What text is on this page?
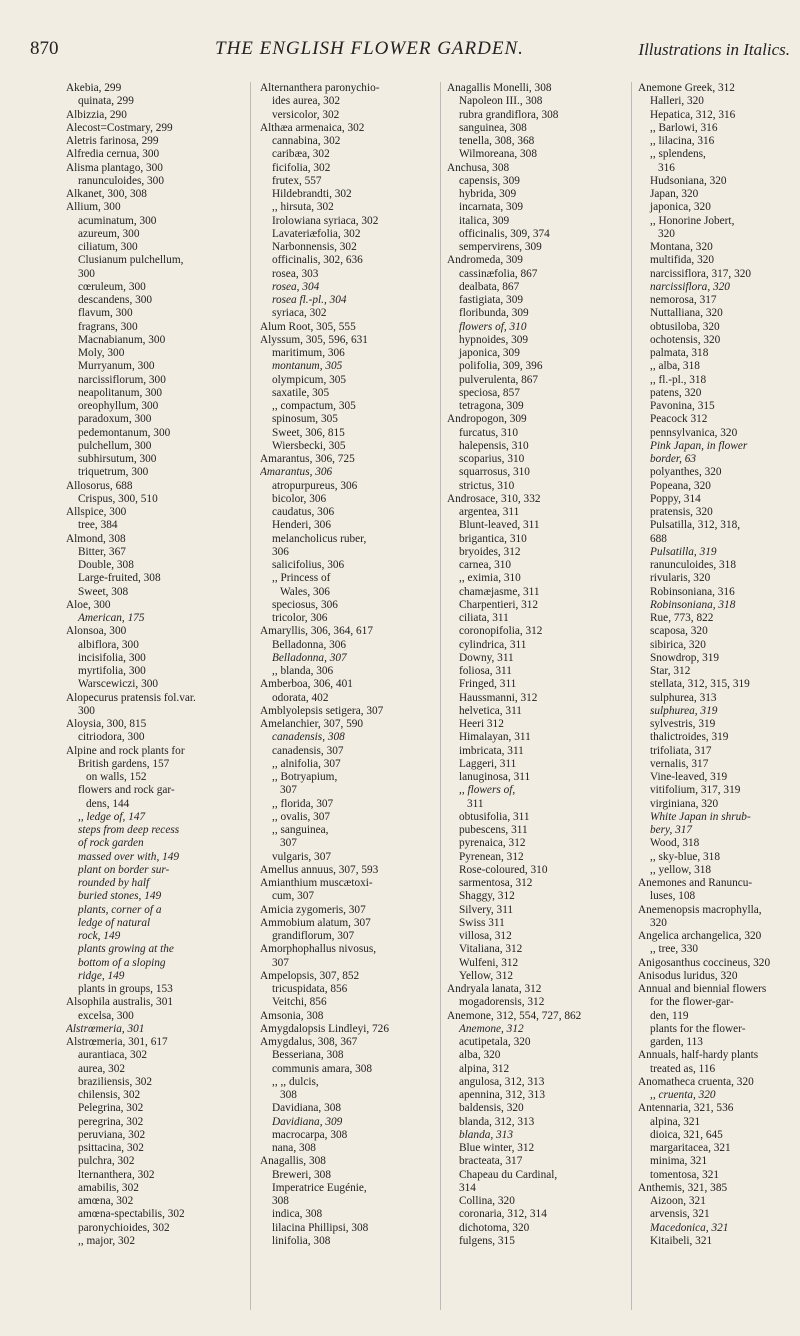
870	THE ENGLISH FLOWER GARDEN.	Illustrations in Italics.
Akebia, 299
quinata, 299
Albizzia, 290
Alecost=Costmary, 299
Aletris farinosa, 299
Alfredia cernua, 300
Alisma plantago, 300
ranunculoides, 300
Alkanet, 300, 308
Allium, 300
acuminatum, 300
azureum, 300
ciliatum, 300
Clusianum pulchellum,
300
cœruleum, 300
descandens, 300
flavum, 300
fragrans, 300
Macnabianum, 300
Moly, 300
Murryanum, 300
narcissiflorum, 300
neapolitanum, 300
oreophyllum, 300
paradoxum, 300
pedemontanum, 300
pulchellum, 300
subhirsutum, 300
triquetrum, 300
Allosorus, 688
Crispus, 300, 510
Allspice, 300
tree, 384
Almond, 308
Bitter, 367
Double, 308
Large-fruited, 308
Sweet, 308
Aloe, 300
American, 175
Alonsoa, 300
albiflora, 300
incisifolia, 300
myrtifolia, 300
Warscewiczi, 300
Alopecurus pratensis fol.var.
300
Aloysia, 300, 815
citriodora, 300
Alpine and rock plants for
British gardens, 157
on walls, 152
flowers and rock gar-
dens, 144
,, ledge of, 147
steps from deep recess
of rock garden
massed over with, 149
plant on border sur-
rounded by half
buried stones, 149
plants, corner of a
ledge of natural
rock, 149
plants growing at the
bottom of a sloping
ridge, 149
plants in groups, 153
Alsophila australis, 301
excelsa, 300
Alstrœmeria, 301
Alstrœmeria, 301, 617
aurantiaca, 302
aurea, 302
braziliensis, 302
chilensis, 302
Pelegrina, 302
peregrina, 302
peruviana, 302
psittacina, 302
pulchra, 302
lternanthera, 302
amabilis, 302
amœna, 302
amœna-spectabilis, 302
paronychioides, 302
,, major, 302
Alternanthera paronychio-
ides aurea, 302
versicolor, 302
Althæa armenaica, 302
cannabina, 302
caribæa, 302
ficifolia, 302
frutex, 557
Hildebrandti, 302
,, hirsuta, 302
Irolowiana syriaca, 302
Lavateriæfolia, 302
Narbonnensis, 302
officinalis, 302, 636
rosea, 303
rosea, 304
rosea fl.-pl., 304
syriaca, 302
Alum Root, 305, 555
Alyssum, 305, 596, 631
maritimum, 306
montanum, 305
olympicum, 305
saxatile, 305
,, compactum, 305
spinosum, 305
Sweet, 306, 815
Wiersbecki, 305
Amarantus, 306, 725
Amarantus, 306
atropurpureus, 306
bicolor, 306
caudatus, 306
Henderi, 306
melancholicus ruber,
306
salicifolius, 306
,, Princess of
Wales, 306
speciosus, 306
tricolor, 306
Amaryllis, 306, 364, 617
Belladonna, 306
Belladonna, 307
,, blanda, 306
Amberboa, 306, 401
odorata, 402
Amblyolepsis setigera, 307
Amelanchier, 307, 590
canadensis, 308
canadensis, 307
,, alnifolia, 307
,, Botryapium,
307
,, florida, 307
,, ovalis, 307
,, sanguinea,
307
vulgaris, 307
Amellus annuus, 307, 593
Amianthium muscætoxi-
cum, 307
Amicia zygomeris, 307
Ammobium alatum, 307
grandiflorum, 307
Amorphophallus nivosus,
307
Ampelopsis, 307, 852
tricuspidata, 856
Veitchi, 856
Amsonia, 308
Amygdalopsis Lindleyi, 726
Amygdalus, 308, 367
Besseriana, 308
communis amara, 308
,, ,, dulcis,
308
Davidiana, 308
Davidiana, 309
macrocarpa, 308
nana, 308
Anagallis, 308
Breweri, 308
Imperatrice Eugénie,
308
indica, 308
lilacina Phillipsi, 308
linifolia, 308
Anagallis Monelli, 308
Napoleon III., 308
rubra grandiflora, 308
sanguinea, 308
tenella, 308, 368
Wilmoreana, 308
Anchusa, 308
capensis, 309
hybrida, 309
incarnata, 309
italica, 309
officinalis, 309, 374
sempervirens, 309
Andromeda, 309
cassinæfolia, 867
dealbata, 867
fastigiata, 309
floribunda, 309
flowers of, 310
hypnoides, 309
japonica, 309
polifolia, 309, 396
pulverulenta, 867
speciosa, 857
tetragona, 309
Andropogon, 309
furcatus, 310
halepensis, 310
scoparius, 310
squarrosus, 310
strictus, 310
Androsace, 310, 332
argentea, 311
Blunt-leaved, 311
brigantica, 310
bryoides, 312
carnea, 310
,, eximia, 310
chamæjasme, 311
Charpentieri, 312
ciliata, 311
coronopifolia, 312
cylindrica, 311
Downy, 311
foliosa, 311
Fringed, 311
Haussmanni, 312
helvetica, 311
Heeri 312
Himalayan, 311
imbricata, 311
Laggeri, 311
lanuginosa, 311
,, flowers of,
311
obtusifolia, 311
pubescens, 311
pyrenaica, 312
Pyrenean, 312
Rose-coloured, 310
sarmentosa, 312
Shaggy, 312
Silvery, 311
Swiss 311
villosa, 312
Vitaliana, 312
Wulfeni, 312
Yellow, 312
Andryala lanata, 312
mogadorensis, 312
Anemone, 312, 554, 727, 862
Anemone, 312
acutipetala, 320
alba, 320
alpina, 312
angulosa, 312, 313
apennina, 312, 313
baldensis, 320
blanda, 312, 313
blanda, 313
Blue winter, 312
bracteata, 317
Chapeau du Cardinal,
314
Collina, 320
coronaria, 312, 314
dichotoma, 320
fulgens, 315
Anemone Greek, 312
Halleri, 320
Hepatica, 312, 316
,, Barlowi, 316
,, lilacina, 316
,, splendens,
316
Hudsoniana, 320
Japan, 320
japonica, 320
,, Honorine Jobert,
320
Montana, 320
multifida, 320
narcissiflora, 317, 320
narcissiflora, 320
nemorosa, 317
Nuttalliana, 320
obtusiloba, 320
ochotensis, 320
palmata, 318
,, alba, 318
,, fl.-pl., 318
patens, 320
Pavonina, 315
Peacock 312
pennsylvanica, 320
Pink Japan, in flower
border, 63
polyanthes, 320
Popeana, 320
Poppy, 314
pratensis, 320
Pulsatilla, 312, 318,
688
Pulsatilla, 319
ranunculoides, 318
rivularis, 320
Robinsoniana, 316
Robinsoniana, 318
Rue, 773, 822
scaposa, 320
sibirica, 320
Snowdrop, 319
Star, 312
stellata, 312, 315, 319
sulphurea, 313
sulphurea, 319
sylvestris, 319
thalictroides, 319
trifoliata, 317
vernalis, 317
Vine-leaved, 319
vitifolium, 317, 319
virginiana, 320
White Japan in shrub-
bery, 317
Wood, 318
,, sky-blue, 318
,, yellow, 318
Anemones and Ranuncu-
luses, 108
Anemenopsis macrophylla,
320
Angelica archangelica, 320
,, tree, 330
Anigosanthus coccineus, 320
Anisodus luridus, 320
Annual and biennial flowers
for the flower-gar-
den, 119
plants for the flower-
garden, 113
Annuals, half-hardy plants
treated as, 116
Anomatheca cruenta, 320
,, cruenta, 320
Antennaria, 321, 536
alpina, 321
dioica, 321, 645
margaritacea, 321
minima, 321
tomentosa, 321
Anthemis, 321, 385
Aizoon, 321
arvensis, 321
Macedonica, 321
Kitaibeli, 321
